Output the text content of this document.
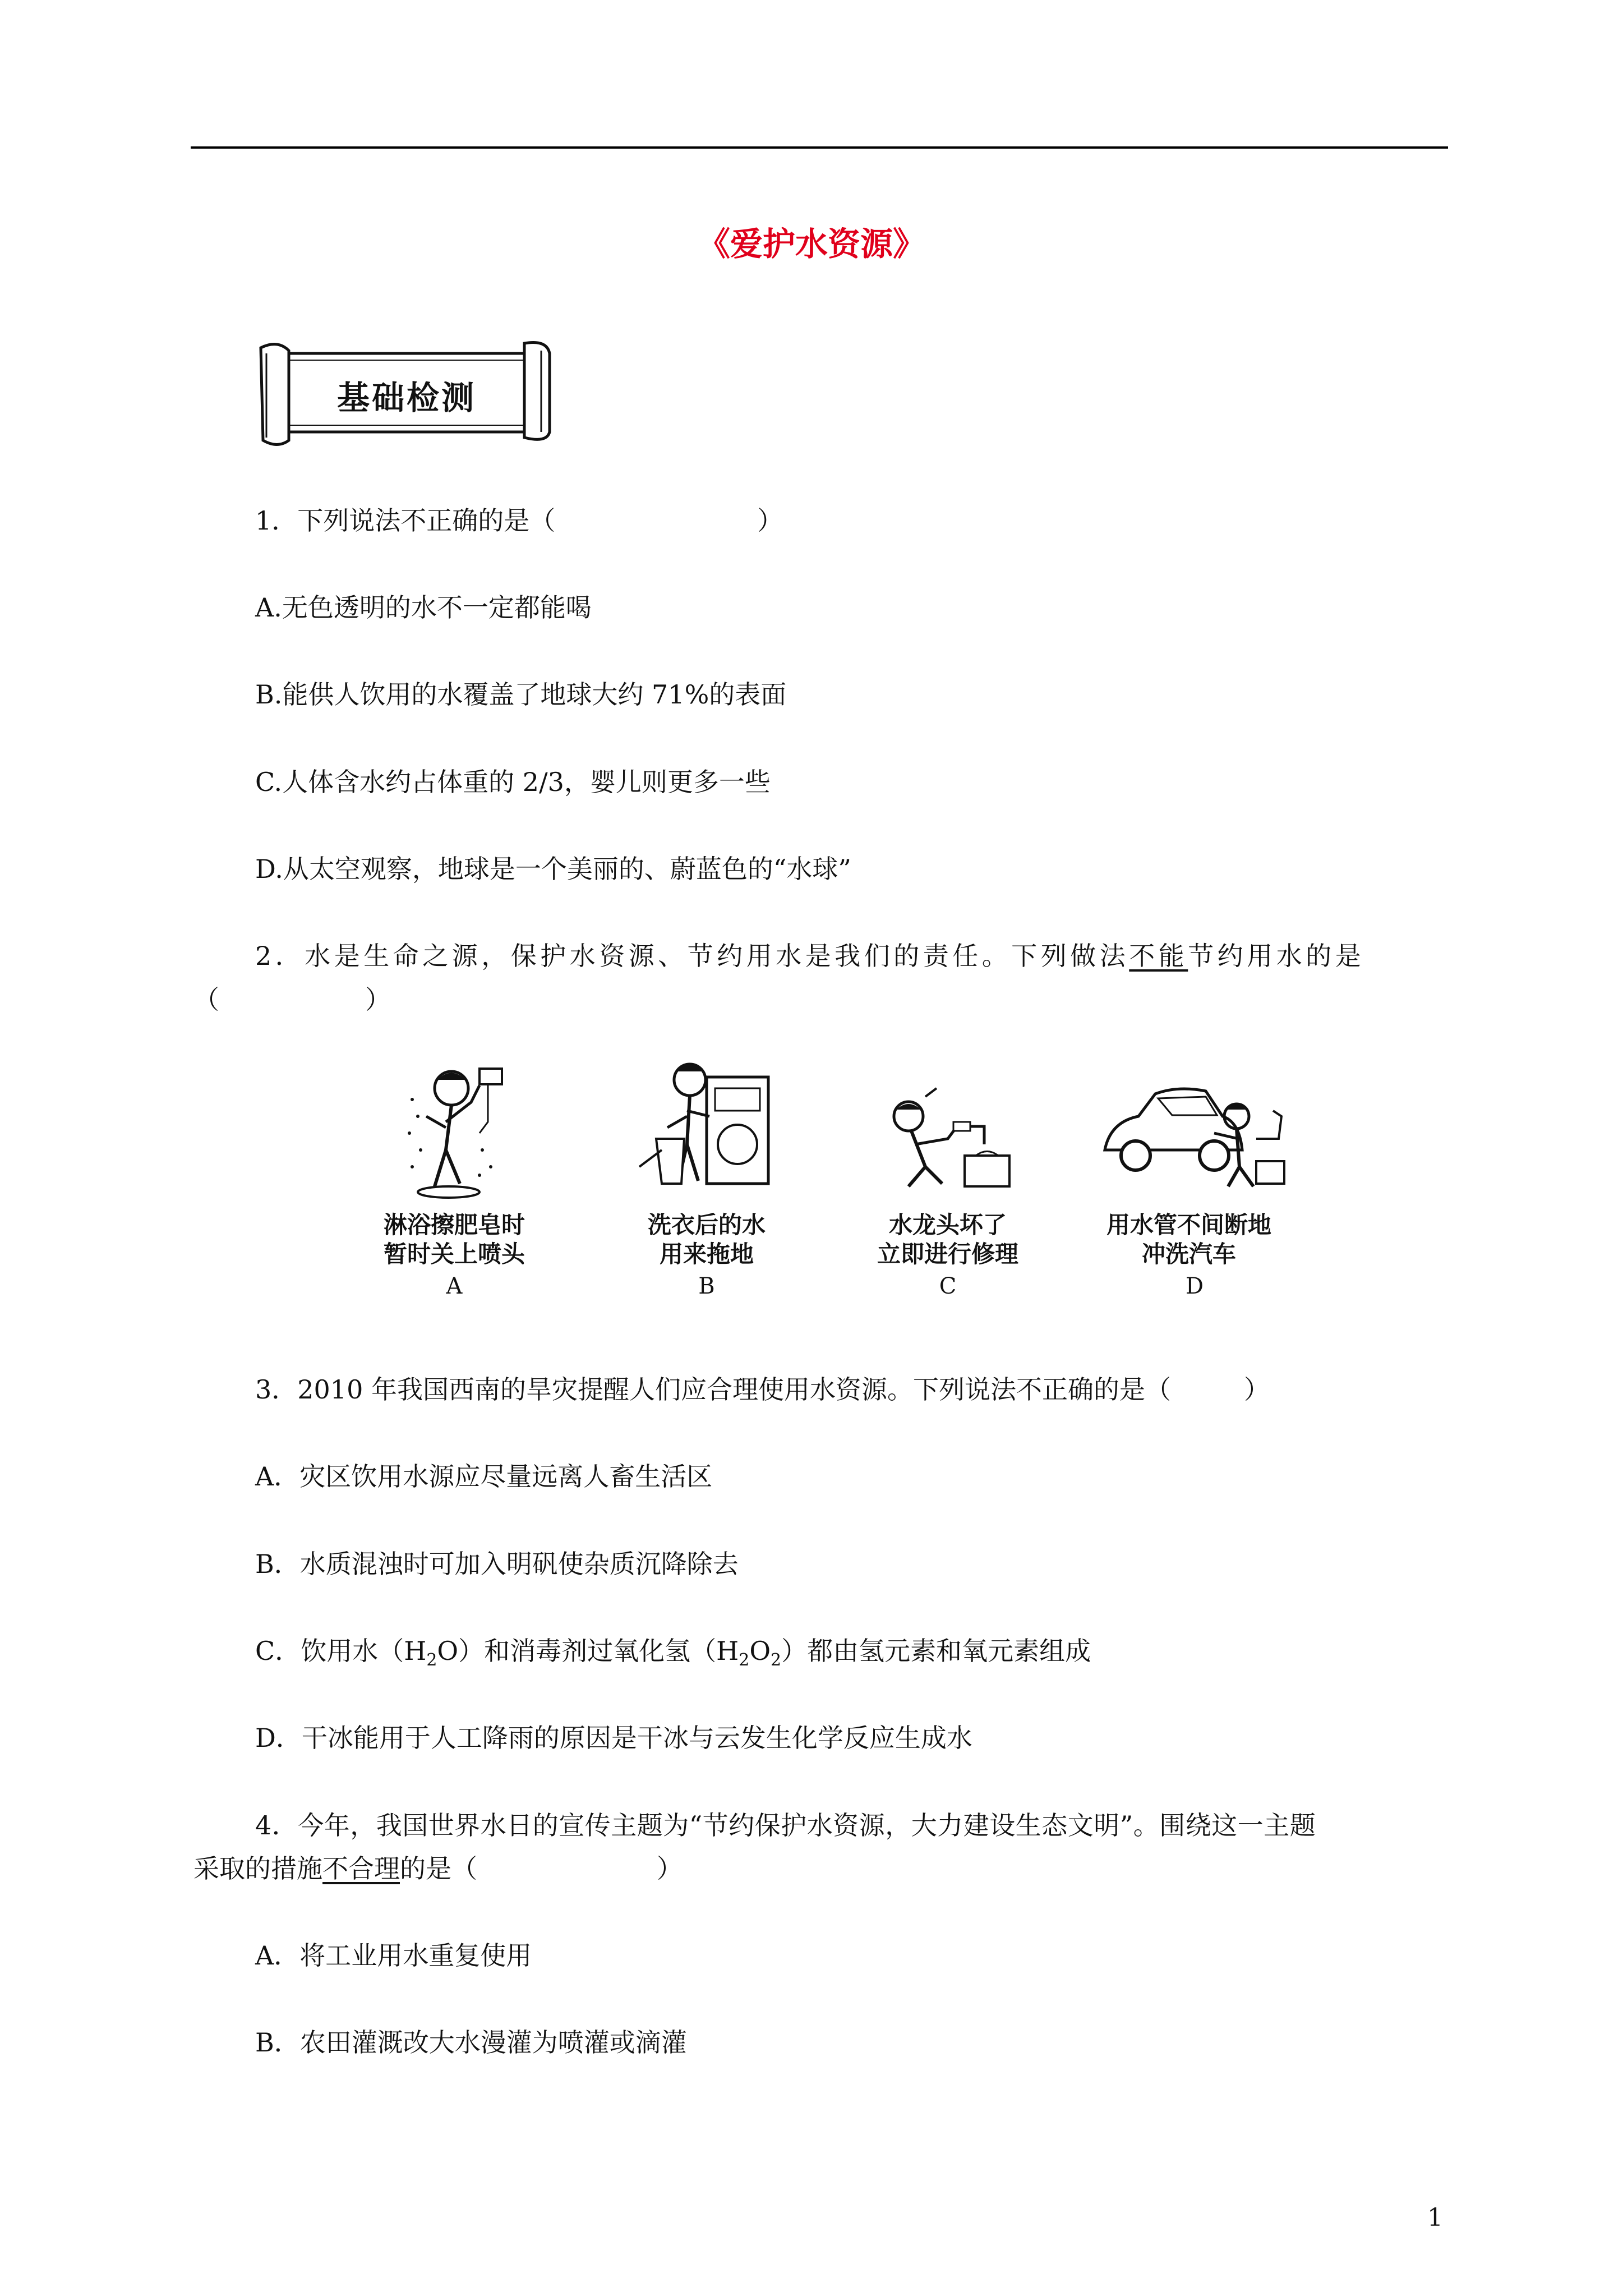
《爱护水资源》
基础检测
1．下列说法不正确的是（	）
A.无色透明的水不一定都能喝
B.能供人饮用的水覆盖了地球大约 71%的表面
C.人体含水约占体重的 2/3，婴儿则更多一些
D.从太空观察，地球是一个美丽的、蔚蓝色的“水球”
2．水是生命之源，保护水资源、节约用水是我们的责任。下列做法不能节约用水的是
（	）
淋浴擦肥皂时
暂时关上喷头
A
洗衣后的水
用来拖地
B
水龙头坏了
立即进行修理
C
用水管不间断地
冲洗汽车
D
3．2010 年我国西南的旱灾提醒人们应合理使用水资源。下列说法不正确的是（	）
A．灾区饮用水源应尽量远离人畜生活区
B．水质混浊时可加入明矾使杂质沉降除去
C．饮用水$(H_2O)$和消毒剂过氧化氢$(H_2O_2)$都由氢元素和氧元素组成
D．干冰能用于人工降雨的原因是干冰与云发生化学反应生成水
4．今年，我国世界水日的宣传主题为“节约保护水资源，大力建设生态文明”。围绕这一主题
采取的措施不合理的是（	）
A．将工业用水重复使用
B．农田灌溉改大水漫灌为喷灌或滴灌
1
